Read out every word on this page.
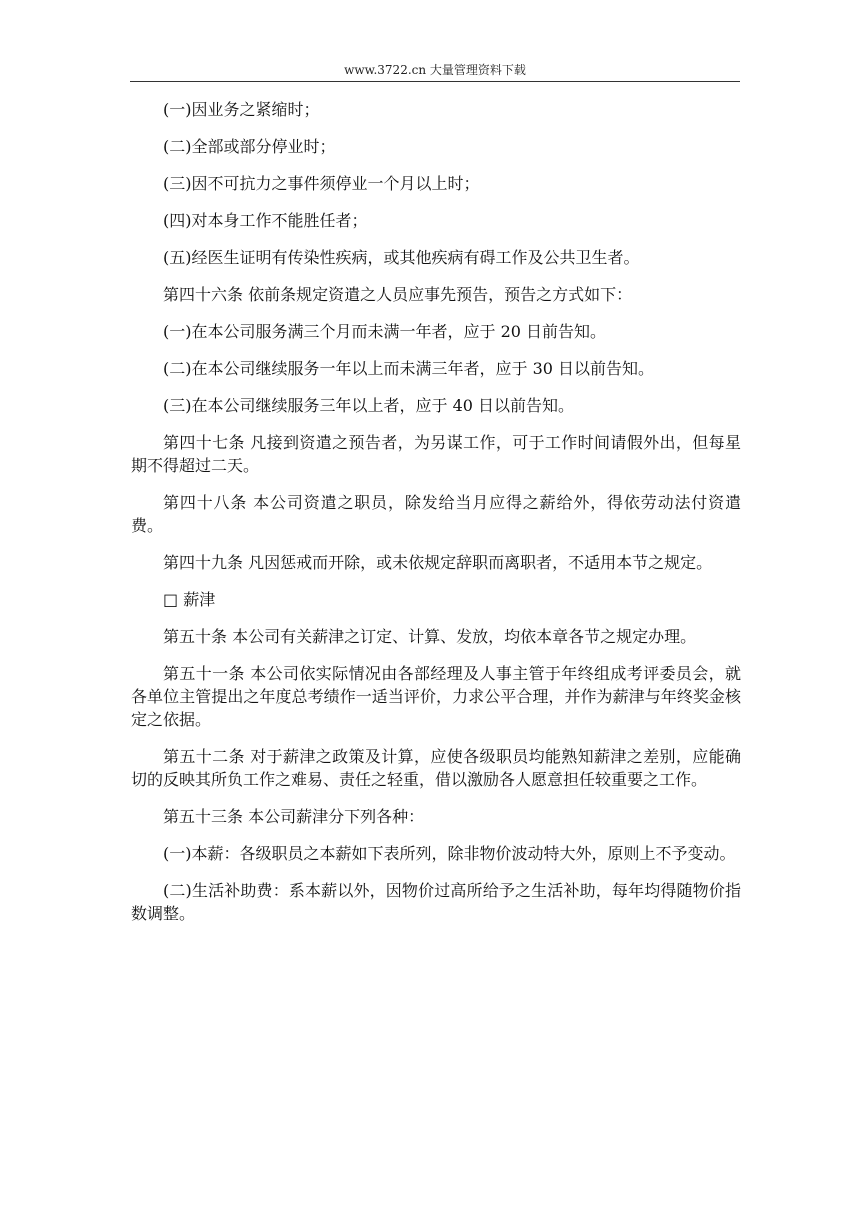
www.3722.cn 大量管理资料下载

(一)因业务之紧缩时；

(二)全部或部分停业时；

(三)因不可抗力之事件须停业一个月以上时；

(四)对本身工作不能胜任者；

(五)经医生证明有传染性疾病，或其他疾病有碍工作及公共卫生者。

第四十六条 依前条规定资遣之人员应事先预告，预告之方式如下：

(一)在本公司服务满三个月而未满一年者，应于 20 日前告知。

(二)在本公司继续服务一年以上而未满三年者，应于 30 日以前告知。

(三)在本公司继续服务三年以上者，应于 40 日以前告知。

第四十七条 凡接到资遣之预告者，为另谋工作，可于工作时间请假外出，但每星期不得超过二天。

第四十八条 本公司资遣之职员，除发给当月应得之薪给外，得依劳动法付资遣费。

第四十九条 凡因惩戒而开除，或未依规定辞职而离职者，不适用本节之规定。

□ 薪津

第五十条 本公司有关薪津之订定、计算、发放，均依本章各节之规定办理。

第五十一条 本公司依实际情况由各部经理及人事主管于年终组成考评委员会，就各单位主管提出之年度总考绩作一适当评价，力求公平合理，并作为薪津与年终奖金核定之依据。

第五十二条 对于薪津之政策及计算，应使各级职员均能熟知薪津之差别，应能确切的反映其所负工作之难易、责任之轻重，借以激励各人愿意担任较重要之工作。

第五十三条 本公司薪津分下列各种：

(一)本薪：各级职员之本薪如下表所列，除非物价波动特大外，原则上不予变动。

(二)生活补助费：系本薪以外，因物价过高所给予之生活补助，每年均得随物价指数调整。
